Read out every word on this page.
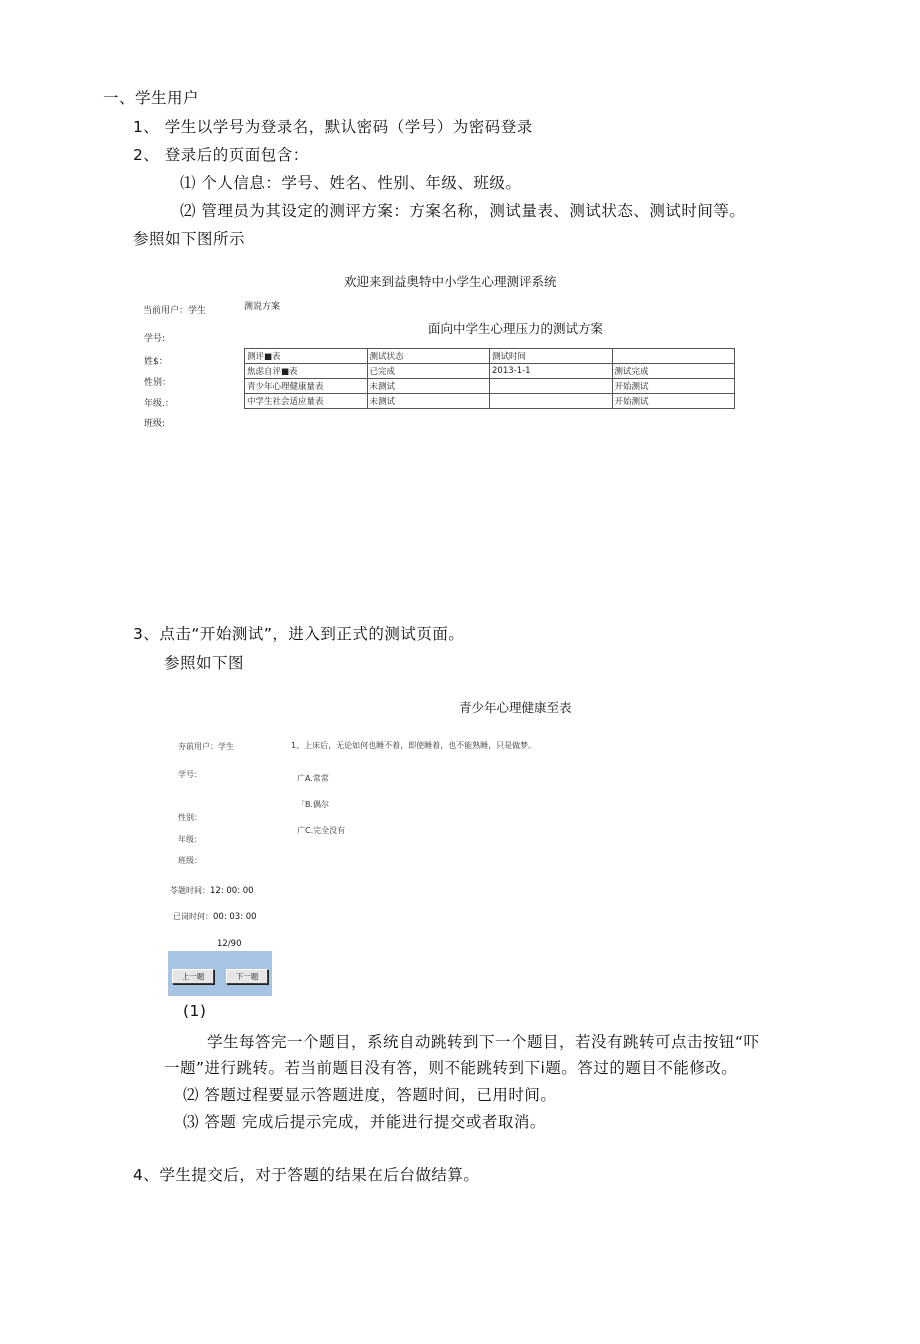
一、学生用户
1、 学生以学号为登录名，默认密码（学号）为密码登录
2、 登录后的页面包含：
⑴ 个人信息：学号、姓名、性别、年级、班级。
⑵ 管理员为其设定的测评方案：方案名称，测试量表、测试状态、测试时间等。
参照如下图所示
欢迎来到益奥特中小学生心理测评系统
当前用户：学生	测说方案
面向中学生心理压力的测试方案
学号:
姓$：
性别：
年级.：
班级:
测评■表	测试状态	测试时间	
焦虑自评■表	已完成	2013-1-1	测试完成
青少年心理健康量表	未测试		开始测试
中学生社会适应量表	未测试		开始测试
3、点击“开始测试”，进入到正式的测试页面。
参照如下图
青少年心理健康至表
夯前用户：学生	1、上床后，无论如何也睡不着，即使睡着，也不能熟睡，只是做梦。
学号：	广A.常常
「B.偶尔
性别：
广C.完全没有
年级：
班级：
苓题时间：12: 00: 00
已岗时何：00: 03: 00
12/90
上一题	下一题
(1)
学生每答完一个题目，系统自动跳转到下一个题目，若没有跳转可点击按钮“吓
一题”进行跳转。若当前题目没有答，则不能跳转到下i题。答过的题目不能修改。
⑵ 答题过程要显示答题进度，答题时间，已用时间。
⑶ 答题 完成后提示完成，并能进行提交或者取消。
4、学生提交后，对于答题的结果在后台做结算。
